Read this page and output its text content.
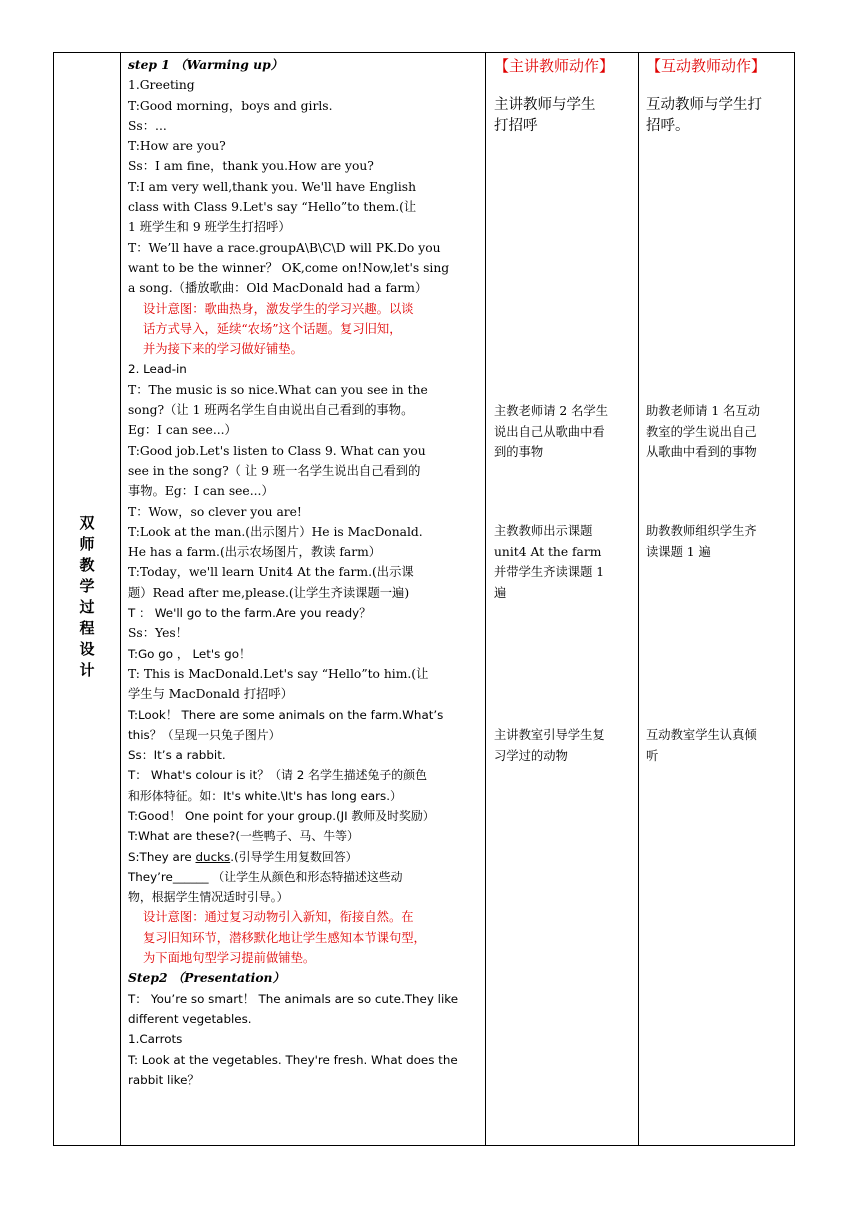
双师教学过程设计
step 1 （Warming up）
1.Greeting
T:Good morning，boys and girls.
Ss：...
T:How are you?
Ss：I am fine，thank you.How are you?
T:I am very well,thank you. We'll have English
class with Class 9.Let's say “Hello”to them.(让
1 班学生和 9 班学生打招呼）
T：We’ll have a race.groupA\B\C\D will PK.Do you
want to be the winner？ OK,come on!Now,let's sing
a song.（播放歌曲：Old MacDonald had a farm）
设计意图：歌曲热身，激发学生的学习兴趣。以谈
话方式导入，延续“农场”这个话题。复习旧知，
并为接下来的学习做好铺垫。
2. Lead-in
T：The music is so nice.What can you see in the
song?（让 1 班两名学生自由说出自己看到的事物。
Eg：I can see...）
T:Good job.Let's listen to Class 9. What can you
see in the song?（ 让 9 班一名学生说出自己看到的
事物。Eg：I can see...）
T：Wow，so clever you are!
T:Look at the man.(出示图片）He is MacDonald.
He has a farm.(出示农场图片，教读 farm）
T:Today，we'll learn Unit4 At the farm.(出示课
题）Read after me,please.(让学生齐读课题一遍)
T ： We'll go to the farm.Are you ready？
Ss：Yes！
T:Go go ， Let's go！
T: This is MacDonald.Let's say “Hello”to him.(让
学生与 MacDonald 打招呼）
T:Look！ There are some animals on the farm.What’s
this？（呈现一只兔子图片）
Ss：It’s a rabbit.
T： What's colour is it？（请 2 名学生描述兔子的颜色
和形体特征。如：It's white.\It's has long ears.）
T:Good！ One point for your group.(JI 教师及时奖励）
T:What are these?(一些鸭子、马、牛等）
S:They are ducks.(引导学生用复数回答）
They’re______ （让学生从颜色和形态特描述这些动
物，根据学生情况适时引导。）
设计意图：通过复习动物引入新知，衔接自然。在
复习旧知环节，潜移默化地让学生感知本节课句型，
为下面地句型学习提前做铺垫。
Step2 （Presentation）
T： You’re so smart！ The animals are so cute.They like
different vegetables.
1.Carrots
T: Look at the vegetables. They're fresh. What does the
rabbit like？
【主讲教师动作】
主讲教师与学生
打招呼
主教老师请 2 名学生
说出自己从歌曲中看
到的事物
主教教师出示课题
unit4 At the farm
并带学生齐读课题 1
遍
主讲教室引导学生复
习学过的动物
【互动教师动作】
互动教师与学生打
招呼。
助教老师请 1 名互动
教室的学生说出自己
从歌曲中看到的事物
助教教师组织学生齐
读课题 1 遍
互动教室学生认真倾
听
